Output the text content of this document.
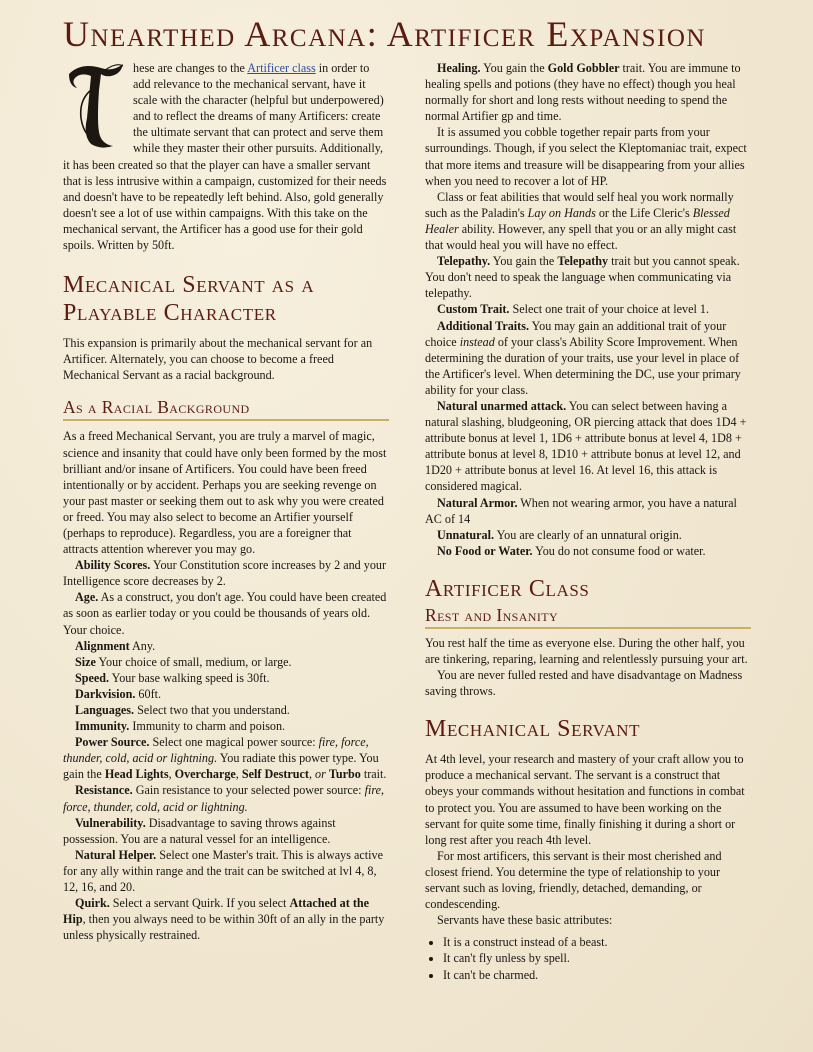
Unearthed Arcana: Artificer Expansion

hese are changes to the Artificer class in order to add relevance to the mechanical servant, have it scale with the character (helpful but underpowered) and to reflect the dreams of many Artificers: create the ultimate servant that can protect and serve them while they master their other pursuits. Additionally, it has been created so that the player can have a smaller servant that is less intrusive within a campaign, customized for their needs and doesn't have to be repeatedly left behind. Also, gold generally doesn't see a lot of use within campaigns. With this take on the mechanical servant, the Artificer has a good use for their gold spoils. Written by 50ft.

Mecanical Servant as a Playable Character

This expansion is primarily about the mechanical servant for an Artificer. Alternately, you can choose to become a freed Mechanical Servant as a racial background.

As a Racial Background

As a freed Mechanical Servant, you are truly a marvel of magic, science and insanity that could have only been formed by the most brilliant and/or insane of Artificers. You could have been freed intentionally or by accident. Perhaps you are seeking revenge on your past master or seeking them out to ask why you were created or freed. You may also select to become an Artifier yourself (perhaps to reproduce). Regardless, you are a foreigner that attracts attention wherever you may go.

Ability Scores. Your Constitution score increases by 2 and your Intelligence score decreases by 2.

Age. As a construct, you don't age. You could have been created as soon as earlier today or you could be thousands of years old. Your choice.

Alignment Any.

Size Your choice of small, medium, or large.

Speed. Your base walking speed is 30ft.

Darkvision. 60ft.

Languages. Select two that you understand.

Immunity. Immunity to charm and poison.

Power Source. Select one magical power source: fire, force, thunder, cold, acid or lightning. You radiate this power type. You gain the Head Lights, Overcharge, Self Destruct, or Turbo trait.

Resistance. Gain resistance to your selected power source: fire, force, thunder, cold, acid or lightning.

Vulnerability. Disadvantage to saving throws against possession. You are a natural vessel for an intelligence.

Natural Helper. Select one Master's trait. This is always active for any ally within range and the trait can be switched at lvl 4, 8, 12, 16, and 20.

Quirk. Select a servant Quirk. If you select Attached at the Hip, then you always need to be within 30ft of an ally in the party unless physically restrained.

Healing. You gain the Gold Gobbler trait. You are immune to healing spells and potions (they have no effect) though you heal normally for short and long rests without needing to spend the normal Artifier gp and time.

It is assumed you cobble together repair parts from your surroundings. Though, if you select the Kleptomaniac trait, expect that more items and treasure will be disappearing from your allies when you need to recover a lot of HP.

Class or feat abilities that would self heal you work normally such as the Paladin's Lay on Hands or the Life Cleric's Blessed Healer ability. However, any spell that you or an ally might cast that would heal you will have no effect.

Telepathy. You gain the Telepathy trait but you cannot speak. You don't need to speak the language when communicating via telepathy.

Custom Trait. Select one trait of your choice at level 1.

Additional Traits. You may gain an additional trait of your choice instead of your class's Ability Score Improvement. When determining the duration of your traits, use your level in place of the Artificer's level. When determining the DC, use your primary ability for your class.

Natural unarmed attack. You can select between having a natural slashing, bludgeoning, OR piercing attack that does 1D4 + attribute bonus at level 1, 1D6 + attribute bonus at level 4, 1D8 + attribute bonus at level 8, 1D10 + attribute bonus at level 12, and 1D20 + attribute bonus at level 16. At level 16, this attack is considered magical.

Natural Armor. When not wearing armor, you have a natural AC of 14

Unnatural. You are clearly of an unnatural origin.

No Food or Water. You do not consume food or water.

Artificer Class
Rest and Insanity

You rest half the time as everyone else. During the other half, you are tinkering, reparing, learning and relentlessly pursuing your art.

You are never fulled rested and have disadvantage on Madness saving throws.

Mechanical Servant

At 4th level, your research and mastery of your craft allow you to produce a mechanical servant. The servant is a construct that obeys your commands without hesitation and functions in combat to protect you. You are assumed to have been working on the servant for quite some time, finally finishing it during a short or long rest after you reach 4th level.

For most artificers, this servant is their most cherished and closest friend. You determine the type of relationship to your servant such as loving, friendly, detached, demanding, or condescending.

Servants have these basic attributes:

• It is a construct instead of a beast.
• It can't fly unless by spell.
• It can't be charmed.
